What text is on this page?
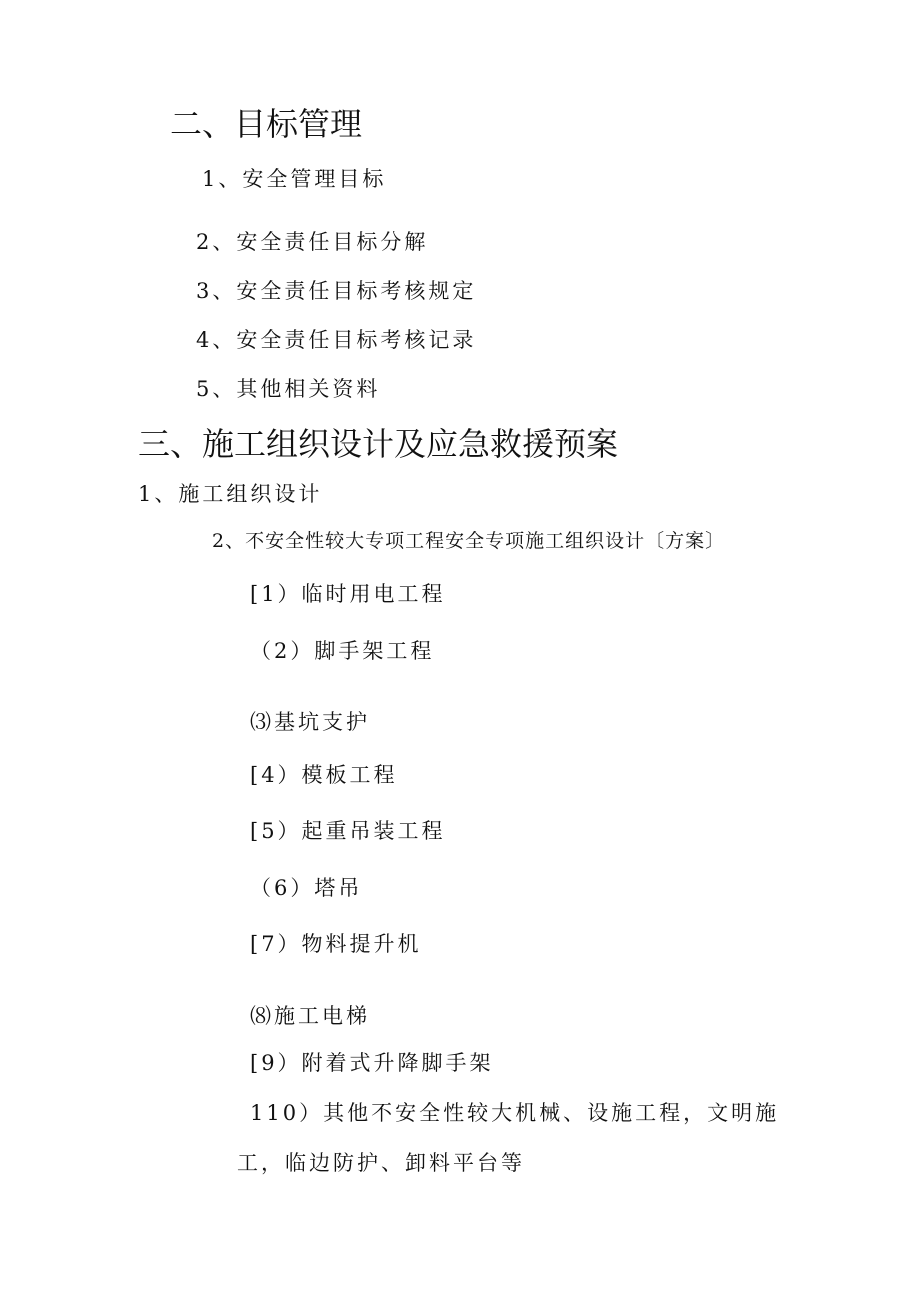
二、目标管理
1、安全管理目标
2、安全责任目标分解
3、安全责任目标考核规定
4、安全责任目标考核记录
5、其他相关资料
三、施工组织设计及应急救援预案
1、施工组织设计
2、不安全性较大专项工程安全专项施工组织设计〔方案〕
[1）临时用电工程
（2）脚手架工程
⑶基坑支护
[4）模板工程
[5）起重吊装工程
（6）塔吊
[7）物料提升机
⑻施工电梯
[9）附着式升降脚手架
110）其他不安全性较大机械、设施工程，文明施
工，临边防护、卸料平台等
